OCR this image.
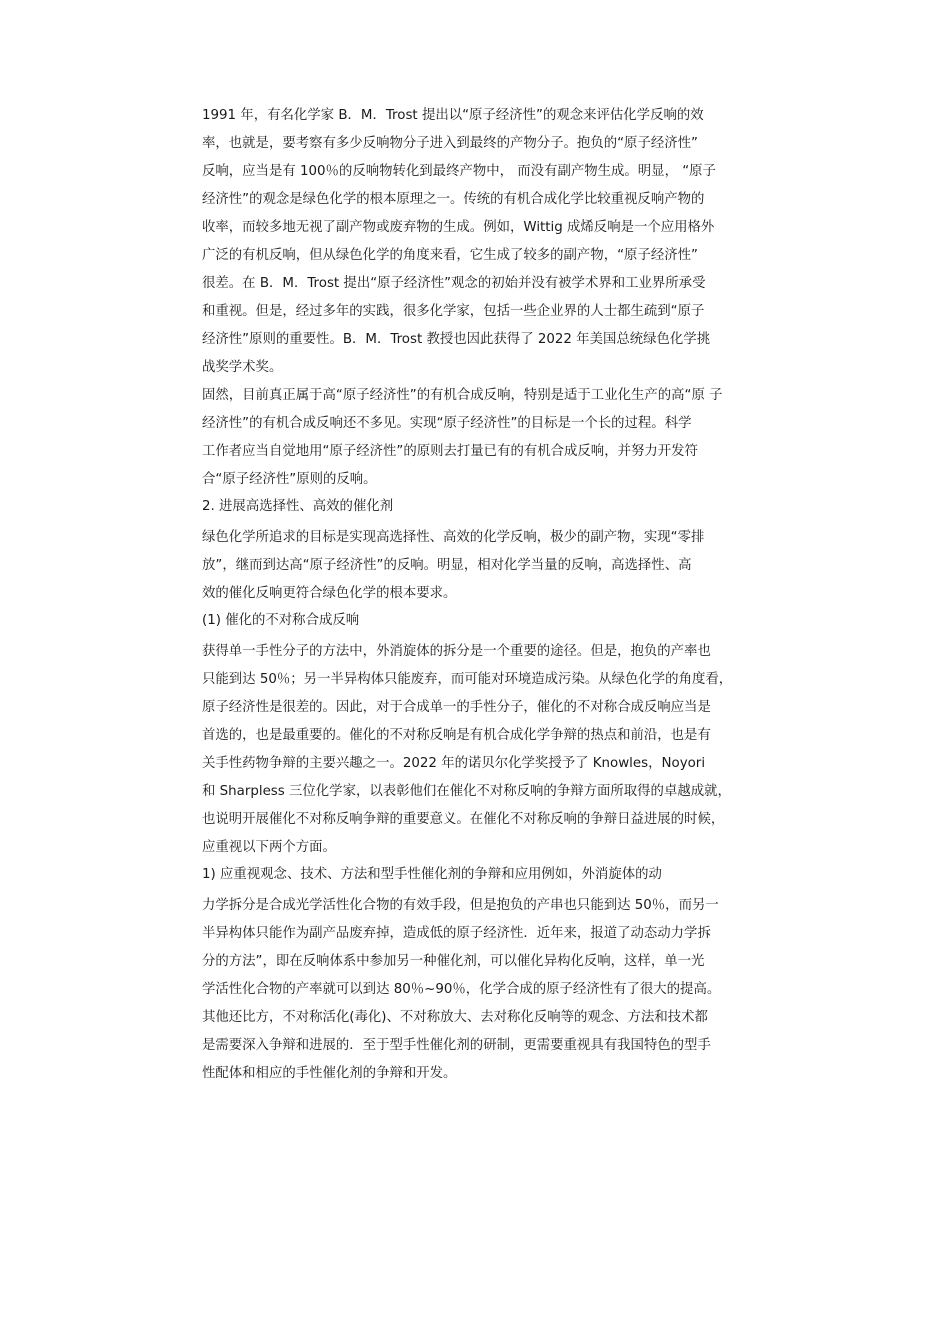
1991 年，有名化学家 B．M．Trost 提出以“原子经济性”的观念来评估化学反响的效
率，也就是，要考察有多少反响物分子进入到最终的产物分子。抱负的“原子经济性”
反响，应当是有 100％的反响物转化到最终产物中， 而没有副产物生成。明显， “原子
经济性”的观念是绿色化学的根本原理之一。传统的有机合成化学比较重视反响产物的
收率，而较多地无视了副产物或废弃物的生成。例如，Wittig 成烯反响是一个应用格外
广泛的有机反响，但从绿色化学的角度来看，它生成了较多的副产物，“原子经济性”
很差。在 B．M．Trost 提出“原子经济性”观念的初始并没有被学术界和工业界所承受
和重视。但是，经过多年的实践，很多化学家，包括一些企业界的人士都生疏到“原子
经济性”原则的重要性。B．M．Trost 教授也因此获得了 2022 年美国总统绿色化学挑
战奖学术奖。
固然，目前真正属于高“原子经济性”的有机合成反响，特别是适于工业化生产的高“原 子
经济性”的有机合成反响还不多见。实现“原子经济性”的目标是一个长的过程。科学
工作者应当自觉地用“原子经济性”的原则去打量已有的有机合成反响，并努力开发符
合“原子经济性”原则的反响。
2. 进展高选择性、高效的催化剂
绿色化学所追求的目标是实现高选择性、高效的化学反响，极少的副产物，实现“零排
放”，继而到达高“原子经济性”的反响。明显，相对化学当量的反响，高选择性、高
效的催化反响更符合绿色化学的根本要求。
(1) 催化的不对称合成反响
获得单一手性分子的方法中，外消旋体的拆分是一个重要的途径。但是，抱负的产率也
只能到达 50％；另一半异构体只能废弃，而可能对环境造成污染。从绿色化学的角度看，
原子经济性是很差的。因此，对于合成单一的手性分子，催化的不对称合成反响应当是
首选的，也是最重要的。催化的不对称反响是有机合成化学争辩的热点和前沿，也是有
关手性药物争辩的主要兴趣之一。2022 年的诺贝尔化学奖授予了 Knowles，Noyori
和 Sharpless 三位化学家，以表彰他们在催化不对称反响的争辩方面所取得的卓越成就，
也说明开展催化不对称反响争辩的重要意义。在催化不对称反响的争辩日益进展的时候，
应重视以下两个方面。
1) 应重视观念、技术、方法和型手性催化剂的争辩和应用例如，外消旋体的动
力学拆分是合成光学活性化合物的有效手段，但是抱负的产串也只能到达 50％，而另一
半异构体只能作为副产品废弃掉，造成低的原子经济性．近年来，报道了动态动力学拆
分的方法”，即在反响体系中参加另一种催化剂，可以催化异构化反响，这样，单一光
学活性化合物的产率就可以到达 80％~90％，化学合成的原子经济性有了很大的提高。
其他还比方，不对称活化(毒化)、不对称放大、去对称化反响等的观念、方法和技术都
是需要深入争辩和进展的．至于型手性催化剂的研制，更需要重视具有我国特色的型手
性配体和相应的手性催化剂的争辩和开发。
